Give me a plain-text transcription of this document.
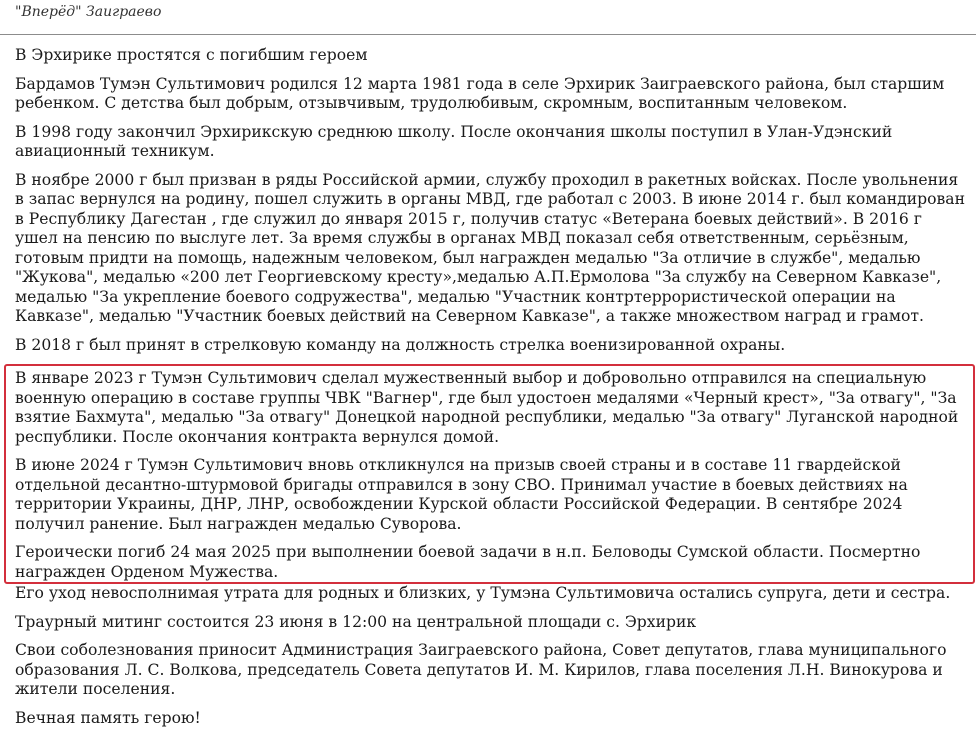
"Вперёд" Заиграево

В Эрхирике простятся с погибшим героем

Бардамов Тумэн Сультимович родился 12 марта 1981 года в селе Эрхирик Заиграевского района, был старшим ребенком. С детства был добрым, отзывчивым, трудолюбивым, скромным, воспитанным человеком.

В 1998 году закончил Эрхирикскую среднюю школу. После окончания школы поступил в Улан-Удэнский авиационный техникум.

В ноябре 2000 г был призван в ряды Российской армии, службу проходил в ракетных войсках. После увольнения в запас вернулся на родину, пошел служить в органы МВД, где работал с 2003. В июне 2014 г. был командирован в Республику Дагестан , где служил до января 2015 г, получив статус «Ветерана боевых действий». В 2016 г ушел на пенсию по выслуге лет. За время службы в органах МВД показал себя ответственным, серьёзным, готовым придти на помощь, надежным человеком, был награжден медалью "За отличие в службе", медалью "Жукова", медалью «200 лет Георгиевскому кресту»,медалью А.П.Ермолова "За службу на Северном Кавказе", медалью "За укрепление боевого содружества", медалью "Участник контртеррористической операции на Кавказе", медалью "Участник боевых действий на Северном Кавказе", а также множеством наград и грамот.

В 2018 г был принят в стрелковую команду на должность стрелка военизированной охраны.

В январе 2023 г Тумэн Сультимович сделал мужественный выбор и добровольно отправился на специальную военную операцию в составе группы ЧВК "Вагнер", где был удостоен медалями «Черный крест», "За отвагу", "За взятие Бахмута", медалью "За отвагу" Донецкой народной республики, медалью "За отвагу" Луганской народной республики. После окончания контракта вернулся домой.

В июне 2024 г Тумэн Сультимович вновь откликнулся на призыв своей страны и в составе 11 гвардейской отдельной десантно-штурмовой бригады отправился в зону СВО. Принимал участие в боевых действиях на территории Украины, ДНР, ЛНР, освобождении Курской области Российской Федерации. В сентябре 2024 получил ранение. Был награжден медалью Суворова.

Героически погиб 24 мая 2025 при выполнении боевой задачи в н.п. Беловоды Сумской области. Посмертно награжден Орденом Мужества.

Его уход невосполнимая утрата для родных и близких, у Тумэна Сультимовича остались супруга, дети и сестра.

Траурный митинг состоится 23 июня в 12:00 на центральной площади с. Эрхирик

Свои соболезнования приносит Администрация Заиграевского района, Совет депутатов, глава муниципального образования Л. С. Волкова, председатель Совета депутатов И. М. Кирилов, глава поселения Л.Н. Винокурова и жители поселения.

Вечная память герою!
